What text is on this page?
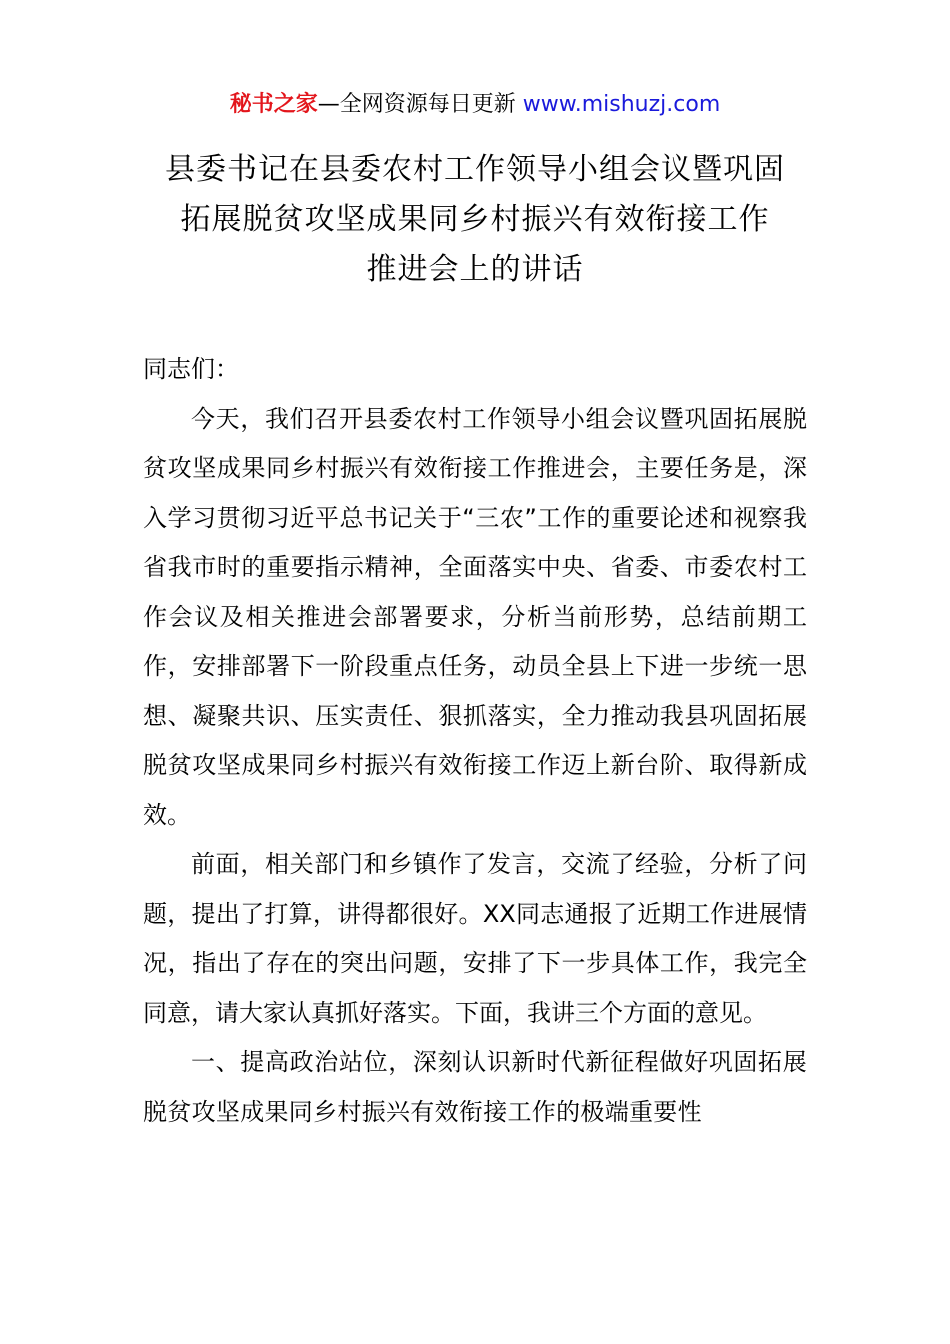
秘书之家—全网资源每日更新 www.mishuzj.com
县委书记在县委农村工作领导小组会议暨巩固
拓展脱贫攻坚成果同乡村振兴有效衔接工作
推进会上的讲话

同志们：

今天，我们召开县委农村工作领导小组会议暨巩固拓展脱贫攻坚成果同乡村振兴有效衔接工作推进会，主要任务是，深入学习贯彻习近平总书记关于“三农”工作的重要论述和视察我省我市时的重要指示精神，全面落实中央、省委、市委农村工作会议及相关推进会部署要求，分析当前形势，总结前期工作，安排部署下一阶段重点任务，动员全县上下进一步统一思想、凝聚共识、压实责任、狠抓落实，全力推动我县巩固拓展脱贫攻坚成果同乡村振兴有效衔接工作迈上新台阶、取得新成效。

前面，相关部门和乡镇作了发言，交流了经验，分析了问题，提出了打算，讲得都很好。XX同志通报了近期工作进展情况，指出了存在的突出问题，安排了下一步具体工作，我完全同意，请大家认真抓好落实。下面，我讲三个方面的意见。

一、提高政治站位，深刻认识新时代新征程做好巩固拓展脱贫攻坚成果同乡村振兴有效衔接工作的极端重要性
